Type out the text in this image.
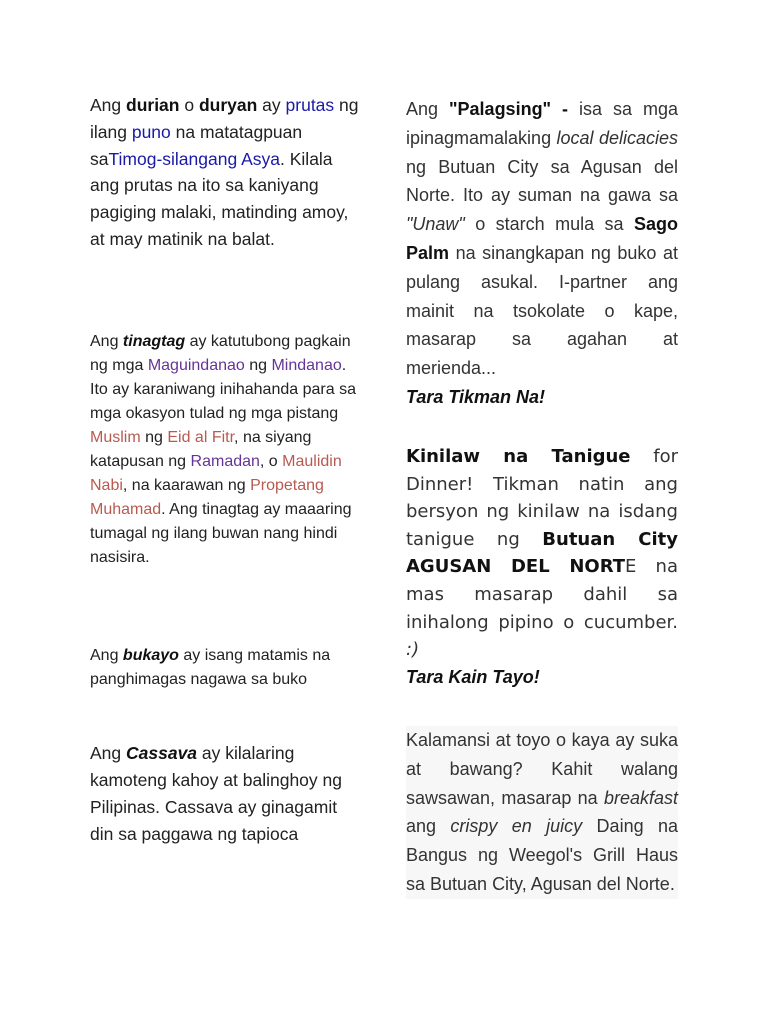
Ang durian o duryan ay prutas ng ilang puno na matatagpuan saTimog-silangang Asya. Kilala ang prutas na ito sa kaniyang pagiging malaki, matinding amoy, at may matinik na balat.
Ang tinagtag ay katutubong pagkain ng mga Maguindanao ng Mindanao. Ito ay karaniwang inihahanda para sa mga okasyon tulad ng mga pistang Muslim ng Eid al Fitr, na siyang katapusan ng Ramadan, o Maulidin Nabi, na kaarawan ng Propetang Muhamad. Ang tinagtag ay maaaring tumagal ng ilang buwan nang hindi nasisira.
Ang bukayo ay isang matamis na panghimagas nagawa sa buko
Ang Cassava ay kilalaring kamoteng kahoy at balinghoy ng Pilipinas. Cassava ay ginagamit din sa paggawa ng tapioca
Ang "Palagsing" - isa sa mga ipinagmamalaking local delicacies ng Butuan City sa Agusan del Norte. Ito ay suman na gawa sa "Unaw" o starch mula sa Sago Palm na sinangkapan ng buko at pulang asukal. I-partner ang mainit na tsokolate o kape, masarap sa agahan at merienda...
Tara Tikman Na!
Kinilaw na Tanigue for Dinner! Tikman natin ang bersyon ng kinilaw na isdang tanigue ng Butuan City AGUSAN DEL NORTE na mas masarap dahil sa inihalong pipino o cucumber. :)
Tara Kain Tayo!
Kalamansi at toyo o kaya ay suka at bawang? Kahit walang sawsawan, masarap na breakfast ang crispy en juicy Daing na Bangus ng Weegol's Grill Haus sa Butuan City, Agusan del Norte.
